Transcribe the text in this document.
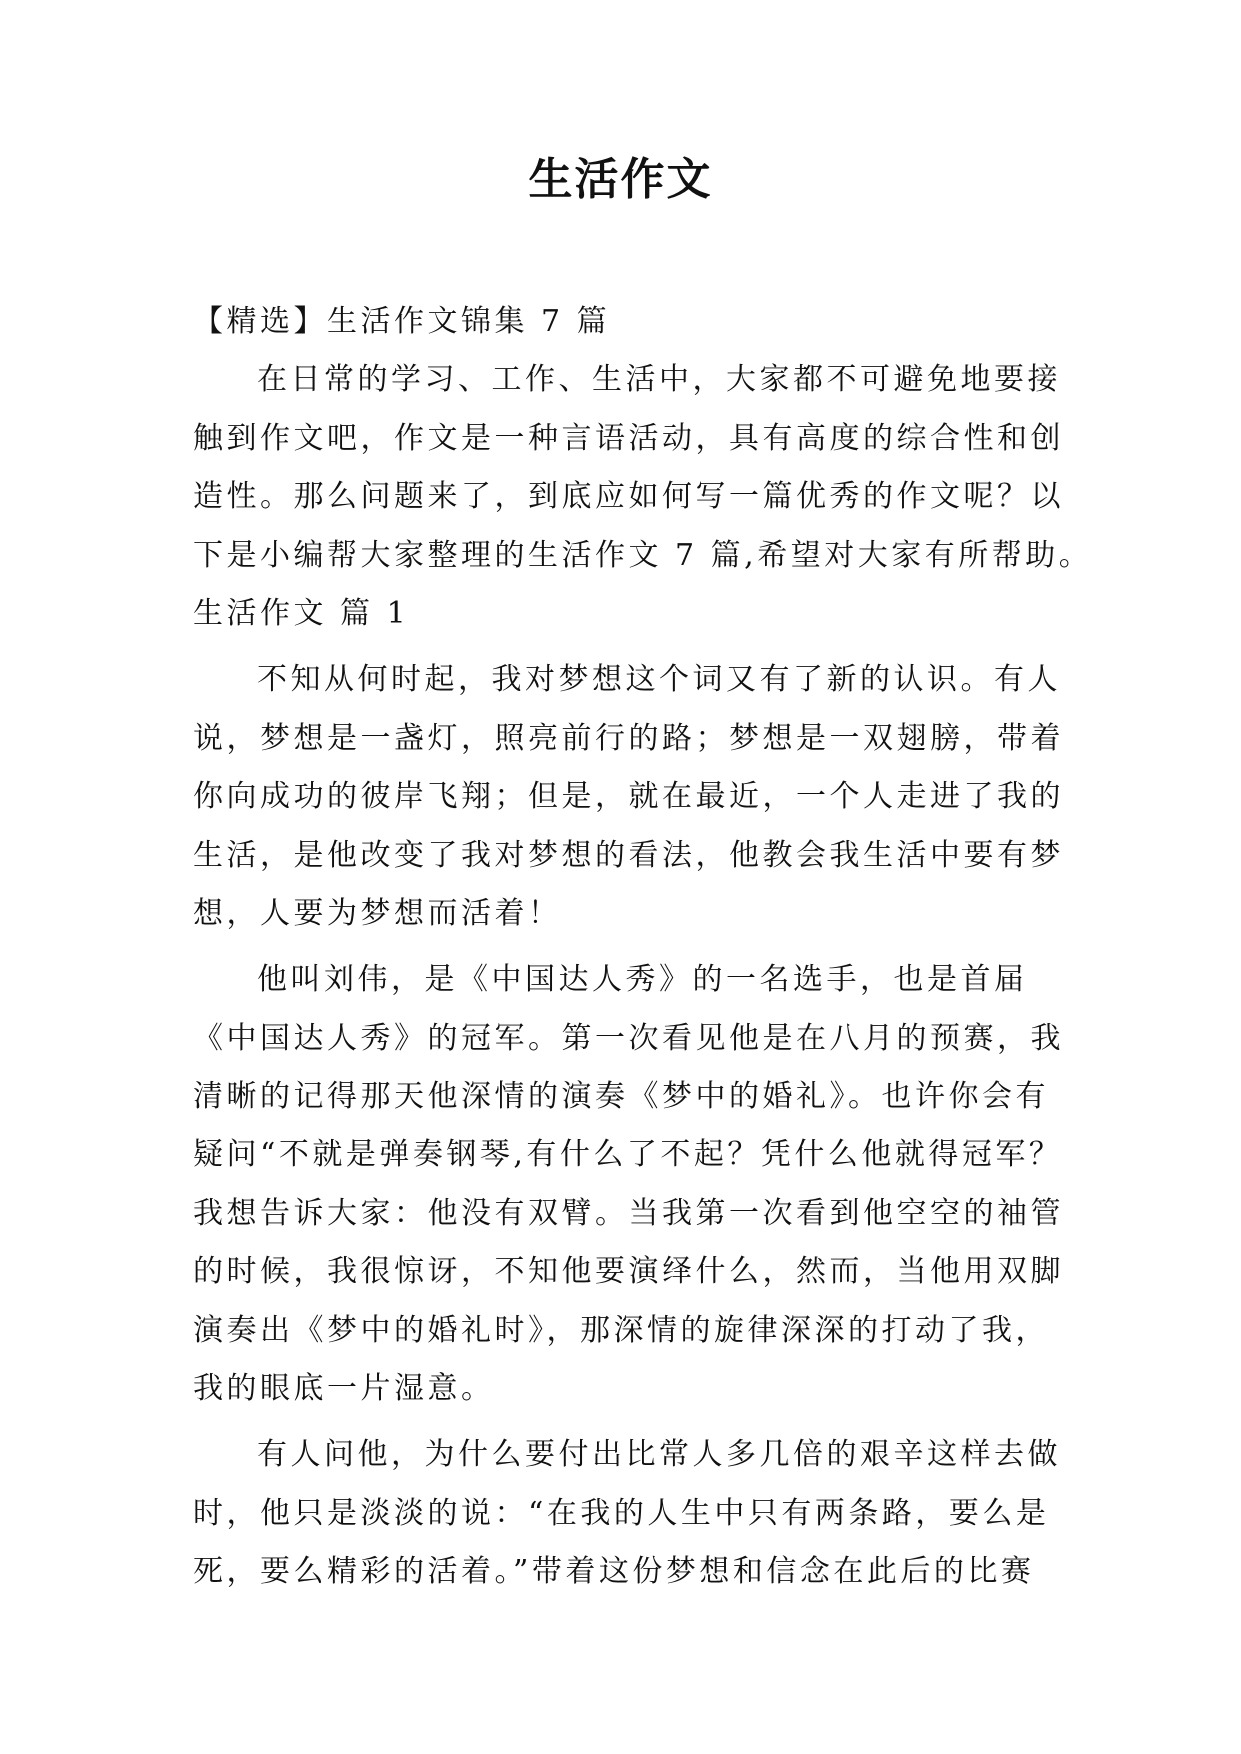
生活作文
【精选】生活作文锦集 7 篇
在日常的学习、工作、生活中，大家都不可避免地要接
触到作文吧，作文是一种言语活动，具有高度的综合性和创
造性。那么问题来了，到底应如何写一篇优秀的作文呢？以
下是小编帮大家整理的生活作文 7 篇,希望对大家有所帮助。
生活作文 篇 1
不知从何时起，我对梦想这个词又有了新的认识。有人
说，梦想是一盏灯，照亮前行的路；梦想是一双翅膀，带着
你向成功的彼岸飞翔；但是，就在最近，一个人走进了我的
生活，是他改变了我对梦想的看法，他教会我生活中要有梦
想，人要为梦想而活着！
他叫刘伟，是《中国达人秀》的一名选手，也是首届
《中国达人秀》的冠军。第一次看见他是在八月的预赛，我
清晰的记得那天他深情的演奏《梦中的婚礼》。也许你会有
疑问“不就是弹奏钢琴,有什么了不起？凭什么他就得冠军？
我想告诉大家：他没有双臂。当我第一次看到他空空的袖管
的时候，我很惊讶，不知他要演绎什么，然而，当他用双脚
演奏出《梦中的婚礼时》，那深情的旋律深深的打动了我，
我的眼底一片湿意。
有人问他，为什么要付出比常人多几倍的艰辛这样去做
时，他只是淡淡的说：“在我的人生中只有两条路，要么是
死，要么精彩的活着。”带着这份梦想和信念在此后的比赛
